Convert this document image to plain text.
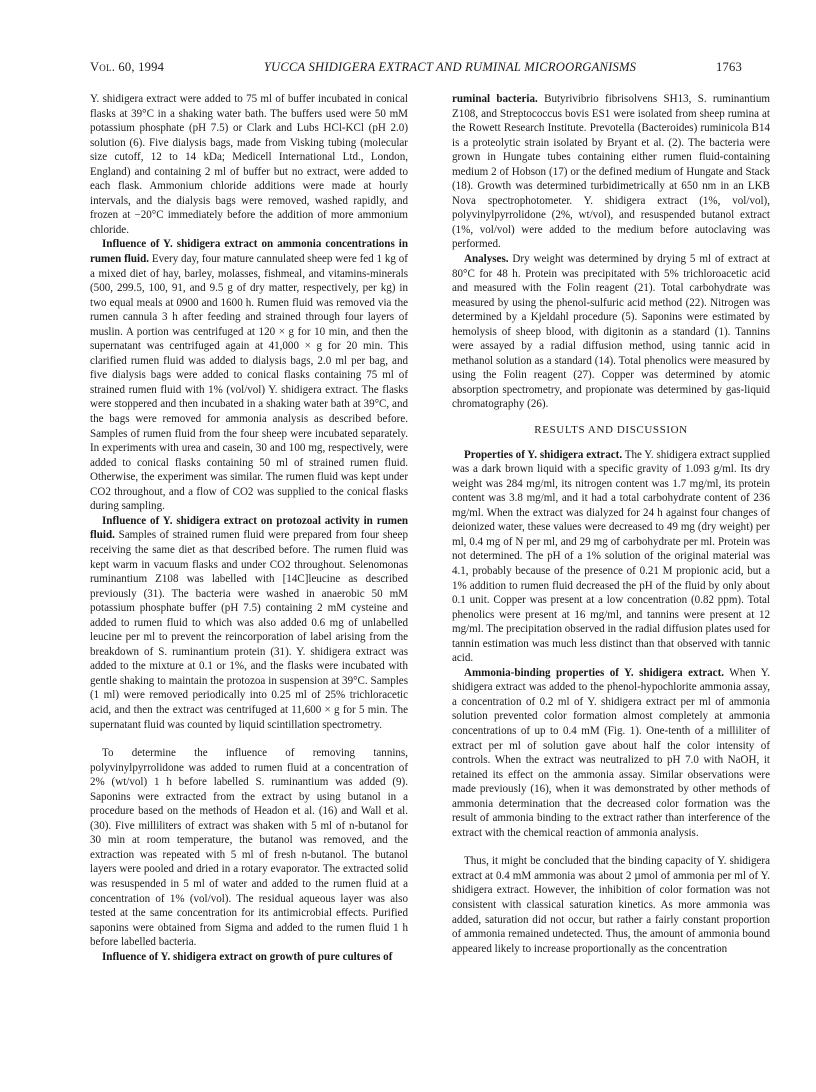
Vol. 60, 1994	YUCCA SHIDIGERA EXTRACT AND RUMINAL MICROORGANISMS	1763

Y. shidigera extract were added to 75 ml of buffer incubated in conical flasks at 39°C in a shaking water bath. The buffers used were 50 mM potassium phosphate (pH 7.5) or Clark and Lubs HCl-KCl (pH 2.0) solution (6). Five dialysis bags, made from Visking tubing (molecular size cutoff, 12 to 14 kDa; Medicell International Ltd., London, England) and containing 2 ml of buffer but no extract, were added to each flask. Ammonium chloride additions were made at hourly intervals, and the dialysis bags were removed, washed rapidly, and frozen at −20°C immediately before the addition of more ammonium chloride.

Influence of Y. shidigera extract on ammonia concentrations in rumen fluid. Every day, four mature cannulated sheep were fed 1 kg of a mixed diet of hay, barley, molasses, fishmeal, and vitamins-minerals (500, 299.5, 100, 91, and 9.5 g of dry matter, respectively, per kg) in two equal meals at 0900 and 1600 h. Rumen fluid was removed via the rumen cannula 3 h after feeding and strained through four layers of muslin. A portion was centrifuged at 120 × g for 10 min, and then the supernatant was centrifuged again at 41,000 × g for 20 min. This clarified rumen fluid was added to dialysis bags, 2.0 ml per bag, and five dialysis bags were added to conical flasks containing 75 ml of strained rumen fluid with 1% (vol/vol) Y. shidigera extract. The flasks were stoppered and then incubated in a shaking water bath at 39°C, and the bags were removed for ammonia analysis as described before. Samples of rumen fluid from the four sheep were incubated separately. In experiments with urea and casein, 30 and 100 mg, respectively, were added to conical flasks containing 50 ml of strained rumen fluid. Otherwise, the experiment was similar. The rumen fluid was kept under CO2 throughout, and a flow of CO2 was supplied to the conical flasks during sampling.

Influence of Y. shidigera extract on protozoal activity in rumen fluid. Samples of strained rumen fluid were prepared from four sheep receiving the same diet as that described before. The rumen fluid was kept warm in vacuum flasks and under CO2 throughout. Selenomonas ruminantium Z108 was labelled with [14C]leucine as described previously (31). The bacteria were washed in anaerobic 50 mM potassium phosphate buffer (pH 7.5) containing 2 mM cysteine and added to rumen fluid to which was also added 0.6 mg of unlabelled leucine per ml to prevent the reincorporation of label arising from the breakdown of S. ruminantium protein (31). Y. shidigera extract was added to the mixture at 0.1 or 1%, and the flasks were incubated with gentle shaking to maintain the protozoa in suspension at 39°C. Samples (1 ml) were removed periodically into 0.25 ml of 25% trichloracetic acid, and then the extract was centrifuged at 11,600 × g for 5 min. The supernatant fluid was counted by liquid scintillation spectrometry.

To determine the influence of removing tannins, polyvinylpyrrolidone was added to rumen fluid at a concentration of 2% (wt/vol) 1 h before labelled S. ruminantium was added (9). Saponins were extracted from the extract by using butanol in a procedure based on the methods of Headon et al. (16) and Wall et al. (30). Five milliliters of extract was shaken with 5 ml of n-butanol for 30 min at room temperature, the butanol was removed, and the extraction was repeated with 5 ml of fresh n-butanol. The butanol layers were pooled and dried in a rotary evaporator. The extracted solid was resuspended in 5 ml of water and added to the rumen fluid at a concentration of 1% (vol/vol). The residual aqueous layer was also tested at the same concentration for its antimicrobial effects. Purified saponins were obtained from Sigma and added to the rumen fluid 1 h before labelled bacteria.

Influence of Y. shidigera extract on growth of pure cultures of

ruminal bacteria. Butyrivibrio fibrisolvens SH13, S. ruminantium Z108, and Streptococcus bovis ES1 were isolated from sheep rumina at the Rowett Research Institute. Prevotella (Bacteroides) ruminicola B14 is a proteolytic strain isolated by Bryant et al. (2). The bacteria were grown in Hungate tubes containing either rumen fluid-containing medium 2 of Hobson (17) or the defined medium of Hungate and Stack (18). Growth was determined turbidimetrically at 650 nm in an LKB Nova spectrophotometer. Y. shidigera extract (1%, vol/vol), polyvinylpyrrolidone (2%, wt/vol), and resuspended butanol extract (1%, vol/vol) were added to the medium before autoclaving was performed.

Analyses. Dry weight was determined by drying 5 ml of extract at 80°C for 48 h. Protein was precipitated with 5% trichloroacetic acid and measured with the Folin reagent (21). Total carbohydrate was measured by using the phenol-sulfuric acid method (22). Nitrogen was determined by a Kjeldahl procedure (5). Saponins were estimated by hemolysis of sheep blood, with digitonin as a standard (1). Tannins were assayed by a radial diffusion method, using tannic acid in methanol solution as a standard (14). Total phenolics were measured by using the Folin reagent (27). Copper was determined by atomic absorption spectrometry, and propionate was determined by gas-liquid chromatography (26).

RESULTS AND DISCUSSION

Properties of Y. shidigera extract. The Y. shidigera extract supplied was a dark brown liquid with a specific gravity of 1.093 g/ml. Its dry weight was 284 mg/ml, its nitrogen content was 1.7 mg/ml, its protein content was 3.8 mg/ml, and it had a total carbohydrate content of 236 mg/ml. When the extract was dialyzed for 24 h against four changes of deionized water, these values were decreased to 49 mg (dry weight) per ml, 0.4 mg of N per ml, and 29 mg of carbohydrate per ml. Protein was not determined. The pH of a 1% solution of the original material was 4.1, probably because of the presence of 0.21 M propionic acid, but a 1% addition to rumen fluid decreased the pH of the fluid by only about 0.1 unit. Copper was present at a low concentration (0.82 ppm). Total phenolics were present at 16 mg/ml, and tannins were present at 12 mg/ml. The precipitation observed in the radial diffusion plates used for tannin estimation was much less distinct than that observed with tannic acid.

Ammonia-binding properties of Y. shidigera extract. When Y. shidigera extract was added to the phenol-hypochlorite ammonia assay, a concentration of 0.2 ml of Y. shidigera extract per ml of ammonia solution prevented color formation almost completely at ammonia concentrations of up to 0.4 mM (Fig. 1). One-tenth of a milliliter of extract per ml of solution gave about half the color intensity of controls. When the extract was neutralized to pH 7.0 with NaOH, it retained its effect on the ammonia assay. Similar observations were made previously (16), when it was demonstrated by other methods of ammonia determination that the decreased color formation was the result of ammonia binding to the extract rather than interference of the extract with the chemical reaction of ammonia analysis.

Thus, it might be concluded that the binding capacity of Y. shidigera extract at 0.4 mM ammonia was about 2 µmol of ammonia per ml of Y. shidigera extract. However, the inhibition of color formation was not consistent with classical saturation kinetics. As more ammonia was added, saturation did not occur, but rather a fairly constant proportion of ammonia remained undetected. Thus, the amount of ammonia bound appeared likely to increase proportionally as the concentration
